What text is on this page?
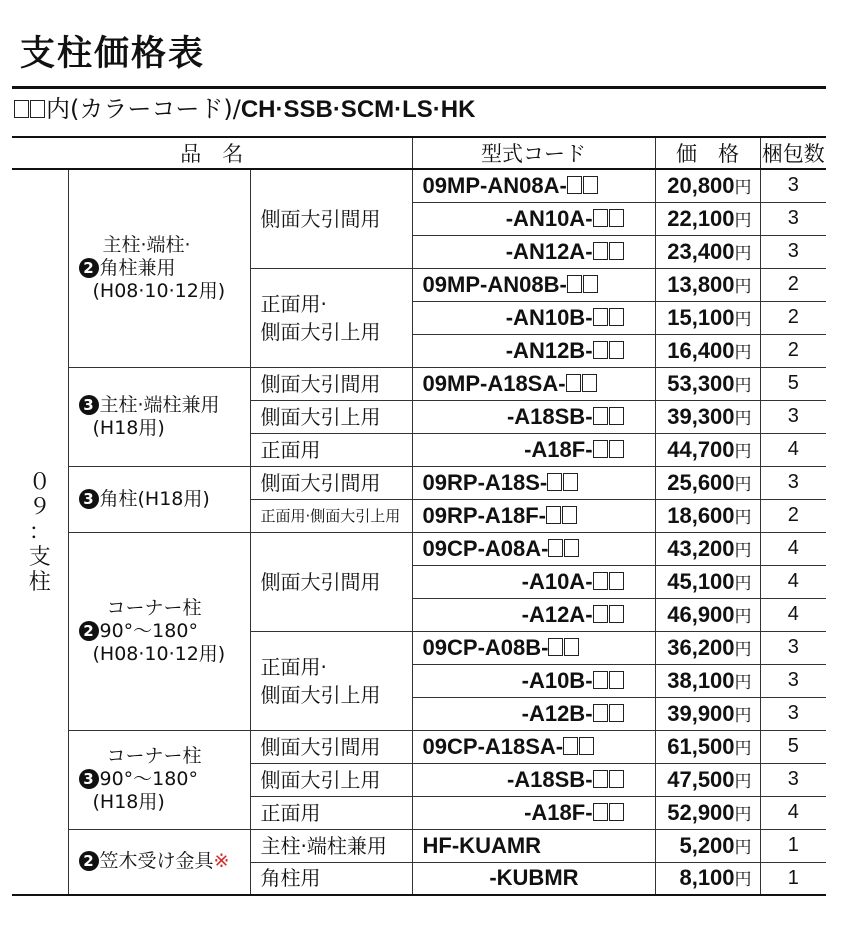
支柱価格表
内(カラーコード)/CH·SSB·SCM·LS·HK
品　名			型式コード	価　格	梱包数

０
９
：
支
柱	主柱·端柱·
2 角柱兼用
(H08·10·12用)	側面大引間用	09MP-AN08A-	20,800円	3
			-AN10A-	22,100円	3
			-AN12A-	23,400円	3
		正面用·
側面大引上用	09MP-AN08B-	13,800円	2
			-AN10B-	15,100円	2
			-AN12B-	16,400円	2

	3 主柱·端柱兼用
(H18用)	側面大引間用	09MP-A18SA-	53,300円	5
		側面大引上用	-A18SB-	39,300円	3
		正面用	-A18F-	44,700円	4

	3 角柱(H18用)	側面大引間用	09RP-A18S-	25,600円	3
		正面用·側面大引上用	09RP-A18F-	18,600円	2

	コーナー柱
2 90°～180°
(H08·10·12用)	側面大引間用	09CP-A08A-	43,200円	4
			-A10A-	45,100円	4
			-A12A-	46,900円	4
		正面用·
側面大引上用	09CP-A08B-	36,200円	3
			-A10B-	38,100円	3
			-A12B-	39,900円	3

	コーナー柱
3 90°～180°
(H18用)	側面大引間用	09CP-A18SA-	61,500円	5
		側面大引上用	-A18SB-	47,500円	3
		正面用	-A18F-	52,900円	4

	2 笠木受け金具※	主柱·端柱兼用	HF-KUAMR	5,200円	1
		角柱用	-KUBMR	8,100円	1
